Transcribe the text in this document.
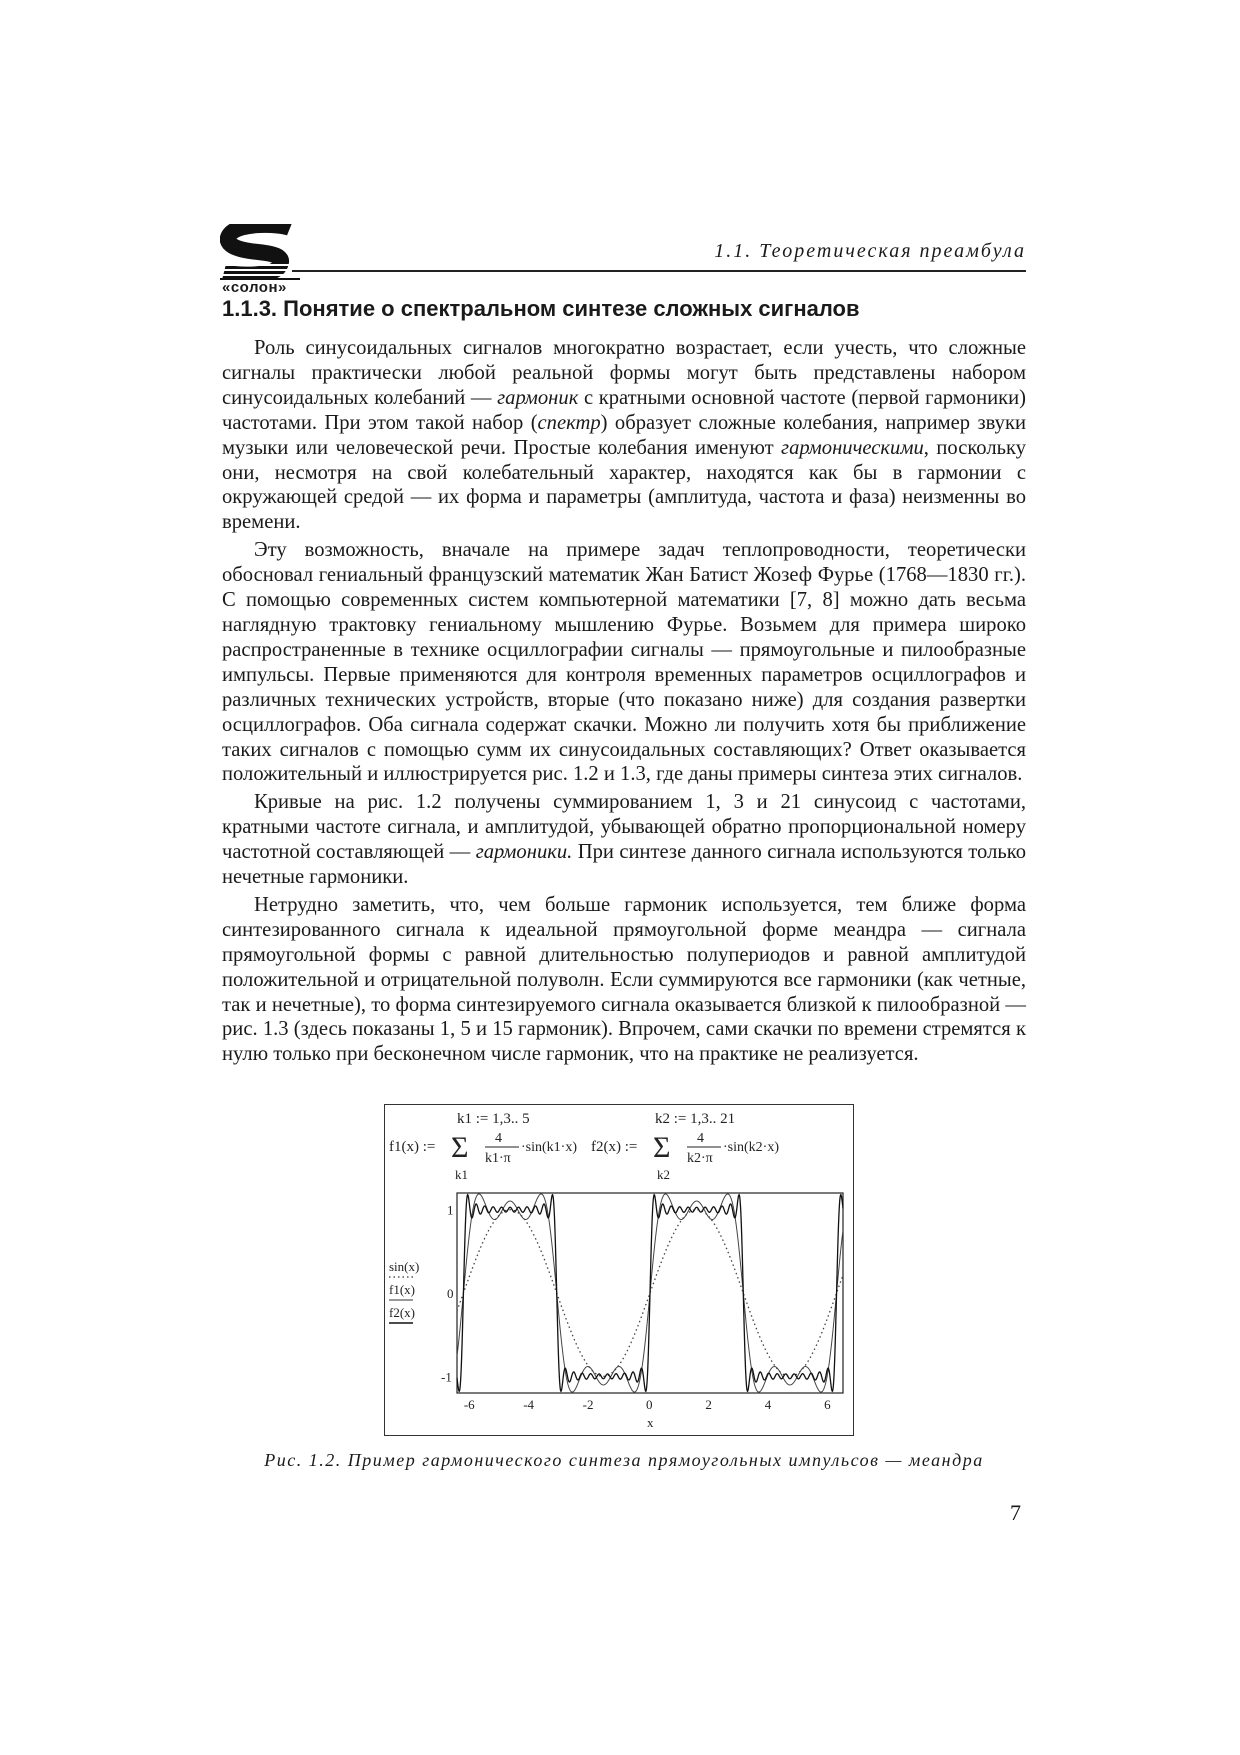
«солон»
1.1. Теоретическая преамбула
1.1.3. Понятие о спектральном синтезе сложных сигналов

Роль синусоидальных сигналов многократно возрастает, если учесть, что сложные сигналы практически любой реальной формы могут быть представлены набором синусоидальных колебаний — гармоник с кратными основной частоте (первой гармоники) частотами. При этом такой набор (спектр) образует сложные колебания, например звуки музыки или человеческой речи. Простые колебания именуют гармоническими, поскольку они, несмотря на свой колебательный характер, находятся как бы в гармонии с окружающей средой — их форма и параметры (амплитуда, частота и фаза) неизменны во времени.

Эту возможность, вначале на примере задач теплопроводности, теоретически обосновал гениальный французский математик Жан Батист Жозеф Фурье (1768—1830 гг.). С помощью современных систем компьютерной математики [7, 8] можно дать весьма наглядную трактовку гениальному мышлению Фурье. Возьмем для примера широко распространенные в технике осциллографии сигналы — прямоугольные и пилообразные импульсы. Первые применяются для контроля временных параметров осциллографов и различных технических устройств, вторые (что показано ниже) для создания развертки осциллографов. Оба сигнала содержат скачки. Можно ли получить хотя бы приближение таких сигналов с помощью сумм их синусоидальных составляющих? Ответ оказывается положительный и иллюстрируется рис. 1.2 и 1.3, где даны примеры синтеза этих сигналов.

Кривые на рис. 1.2 получены суммированием 1, 3 и 21 синусоид с частотами, кратными частоте сигнала, и амплитудой, убывающей обратно пропорциональной номеру частотной составляющей — гармоники. При синтезе данного сигнала используются только нечетные гармоники.

Нетрудно заметить, что, чем больше гармоник используется, тем ближе форма синтезированного сигнала к идеальной прямоугольной форме меандра — сигнала прямоугольной формы с равной длительностью полупериодов и равной амплитудой положительной и отрицательной полуволн. Если суммируются все гармоники (как четные, так и нечетные), то форма синтезируемого сигнала оказывается близкой к пилообразной — рис. 1.3 (здесь показаны 1, 5 и 15 гармоник). Впрочем, сами скачки по времени стремятся к нулю только при бесконечном числе гармоник, что на практике не реализуется.

k1 := 1,3.. 5
f1(x) := Σ
k1
4
k1·π
·sin(k1·x)
k2 := 1,3.. 21
f2(x) := Σ
k2
4
k2·π
·sin(k2·x)
sin(x)
f1(x)
f2(x)
-6	-4	-2	0	2	4	6
1
0
-1
x
Рис. 1.2. Пример гармонического синтеза прямоугольных импульсов — меандра
7
